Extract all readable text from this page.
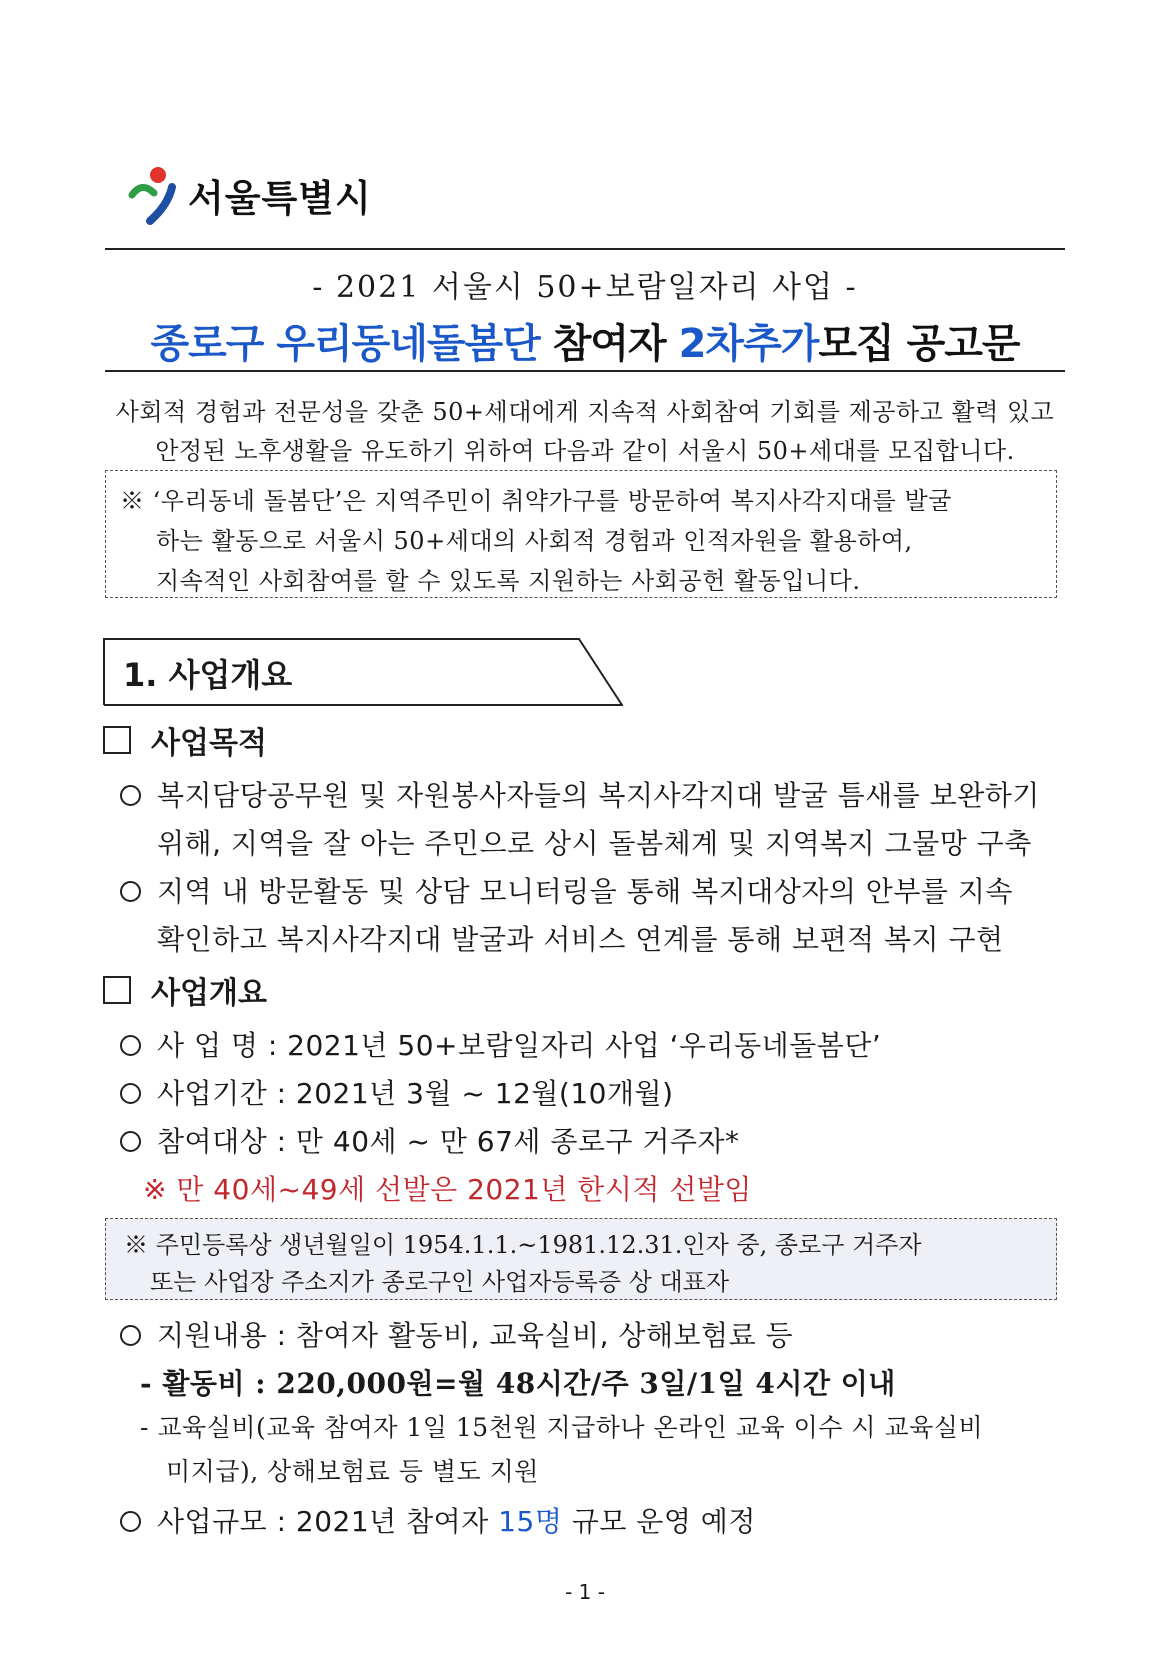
서울특별시
- 2021 서울시 50+보람일자리 사업 -
종로구 우리동네돌봄단 참여자 2차추가모집 공고문
사회적 경험과 전문성을 갖춘 50+세대에게 지속적 사회참여 기회를 제공하고 활력 있고
안정된 노후생활을 유도하기 위하여 다음과 같이 서울시 50+세대를 모집합니다.
※ ‘우리동네 돌봄단’은 지역주민이 취약가구를 방문하여 복지사각지대를 발굴
하는 활동으로 서울시 50+세대의 사회적 경험과 인적자원을 활용하여,
지속적인 사회참여를 할 수 있도록 지원하는 사회공헌 활동입니다.
1. 사업개요
사업목적
복지담당공무원 및 자원봉사자들의 복지사각지대 발굴 틈새를 보완하기
위해, 지역을 잘 아는 주민으로 상시 돌봄체계 및 지역복지 그물망 구축
지역 내 방문활동 및 상담 모니터링을 통해 복지대상자의 안부를 지속
확인하고 복지사각지대 발굴과 서비스 연계를 통해 보편적 복지 구현
사업개요
사 업 명 : 2021년 50+보람일자리 사업 ‘우리동네돌봄단’
사업기간 : 2021년 3월 ~ 12월(10개월)
참여대상 : 만 40세 ~ 만 67세 종로구 거주자*
※ 만 40세~49세 선발은 2021년 한시적 선발임
※ 주민등록상 생년월일이 1954.1.1.~1981.12.31.인자 중, 종로구 거주자
또는 사업장 주소지가 종로구인 사업자등록증 상 대표자
지원내용 : 참여자 활동비, 교육실비, 상해보험료 등
- 활동비 : 220,000원=월 48시간/주 3일/1일 4시간 이내
- 교육실비(교육 참여자 1일 15천원 지급하나 온라인 교육 이수 시 교육실비
미지급), 상해보험료 등 별도 지원
사업규모 : 2021년 참여자 15명 규모 운영 예정
- 1 -
